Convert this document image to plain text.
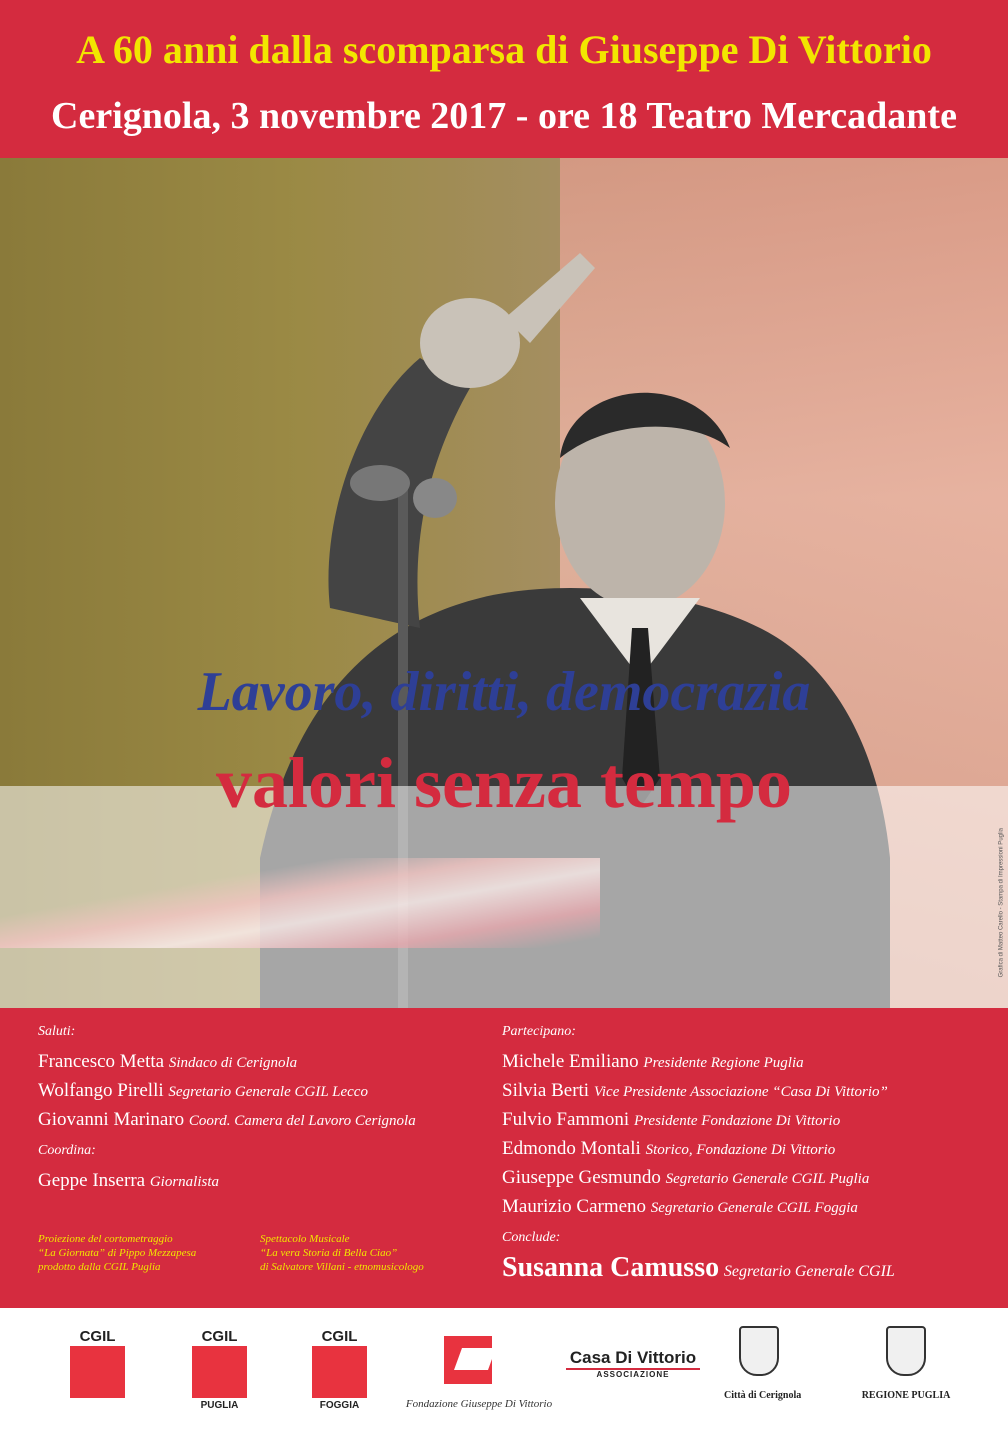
A 60 anni dalla scomparsa di Giuseppe Di Vittorio
Cerignola, 3 novembre 2017 - ore 18 Teatro Mercadante
Grafica di Matteo Carello - Stampa di Impressioni Puglia
Lavoro, diritti, democrazia
valori senza tempo
Saluti:
Francesco Metta Sindaco di Cerignola
Wolfango Pirelli Segretario Generale CGIL Lecco
Giovanni Marinaro Coord. Camera del Lavoro Cerignola
Coordina:
Geppe Inserra Giornalista
Proiezione del cortometraggio
“La Giornata” di Pippo Mezzapesa
prodotto dalla CGIL Puglia
Spettacolo Musicale
“La vera Storia di Bella Ciao”
di Salvatore Villani - etnomusicologo
Partecipano:
Michele Emiliano Presidente Regione Puglia
Silvia Berti Vice Presidente Associazione “Casa Di Vittorio”
Fulvio Fammoni Presidente Fondazione Di Vittorio
Edmondo Montali Storico, Fondazione Di Vittorio
Giuseppe Gesmundo Segretario Generale CGIL Puglia
Maurizio Carmeno Segretario Generale CGIL Foggia
Conclude:
Susanna Camusso Segretario Generale CGIL
CGIL	CGIL
PUGLIA
CGIL
FOGGIA	Fondazione Giuseppe Di Vittorio
Casa Di Vittorio
ASSOCIAZIONE
Città di Cerignola	REGIONE PUGLIA
